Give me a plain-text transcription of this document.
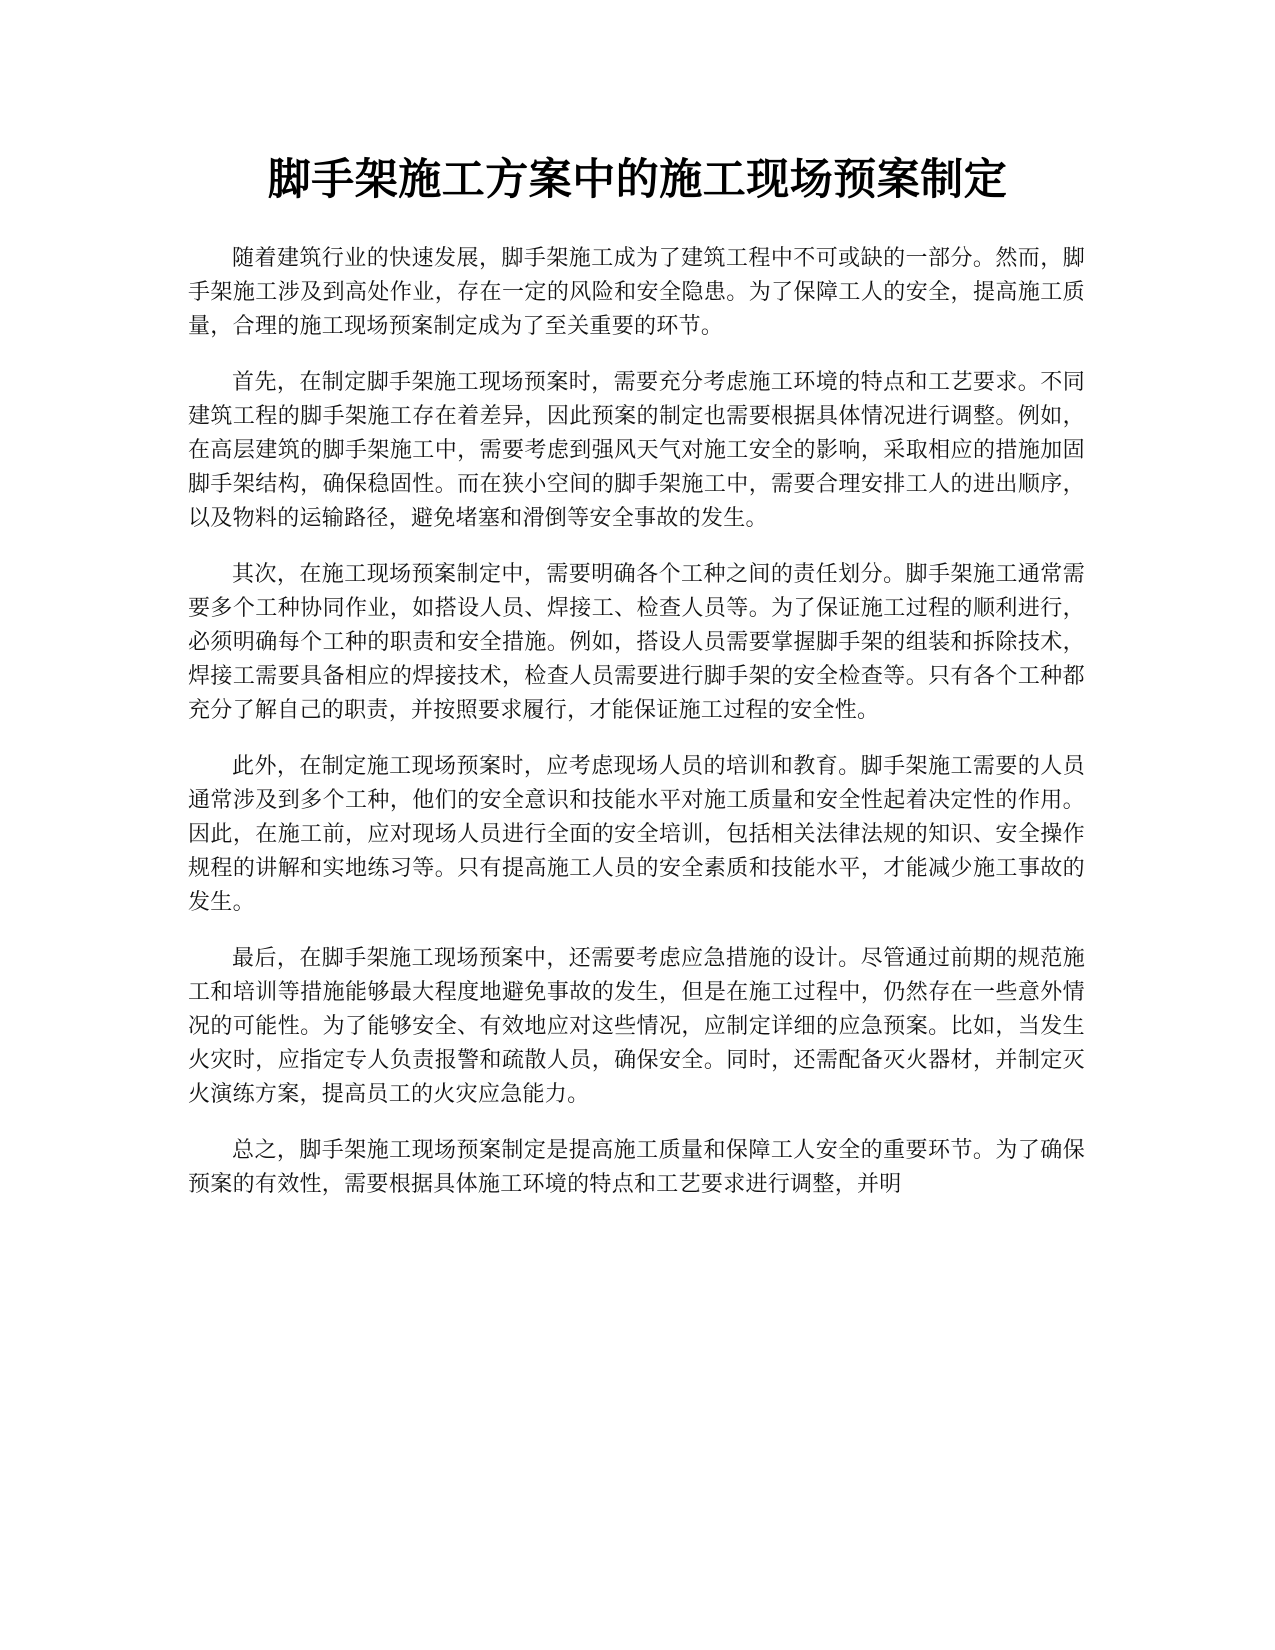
脚手架施工方案中的施工现场预案制定

随着建筑行业的快速发展，脚手架施工成为了建筑工程中不可或缺的一部分。然而，脚手架施工涉及到高处作业，存在一定的风险和安全隐患。为了保障工人的安全，提高施工质量，合理的施工现场预案制定成为了至关重要的环节。

首先，在制定脚手架施工现场预案时，需要充分考虑施工环境的特点和工艺要求。不同建筑工程的脚手架施工存在着差异，因此预案的制定也需要根据具体情况进行调整。例如，在高层建筑的脚手架施工中，需要考虑到强风天气对施工安全的影响，采取相应的措施加固脚手架结构，确保稳固性。而在狭小空间的脚手架施工中，需要合理安排工人的进出顺序，以及物料的运输路径，避免堵塞和滑倒等安全事故的发生。

其次，在施工现场预案制定中，需要明确各个工种之间的责任划分。脚手架施工通常需要多个工种协同作业，如搭设人员、焊接工、检查人员等。为了保证施工过程的顺利进行，必须明确每个工种的职责和安全措施。例如，搭设人员需要掌握脚手架的组装和拆除技术，焊接工需要具备相应的焊接技术，检查人员需要进行脚手架的安全检查等。只有各个工种都充分了解自己的职责，并按照要求履行，才能保证施工过程的安全性。

此外，在制定施工现场预案时，应考虑现场人员的培训和教育。脚手架施工需要的人员通常涉及到多个工种，他们的安全意识和技能水平对施工质量和安全性起着决定性的作用。因此，在施工前，应对现场人员进行全面的安全培训，包括相关法律法规的知识、安全操作规程的讲解和实地练习等。只有提高施工人员的安全素质和技能水平，才能减少施工事故的发生。

最后，在脚手架施工现场预案中，还需要考虑应急措施的设计。尽管通过前期的规范施工和培训等措施能够最大程度地避免事故的发生，但是在施工过程中，仍然存在一些意外情况的可能性。为了能够安全、有效地应对这些情况，应制定详细的应急预案。比如，当发生火灾时，应指定专人负责报警和疏散人员，确保安全。同时，还需配备灭火器材，并制定灭火演练方案，提高员工的火灾应急能力。

总之，脚手架施工现场预案制定是提高施工质量和保障工人安全的重要环节。为了确保预案的有效性，需要根据具体施工环境的特点和工艺要求进行调整，并明
